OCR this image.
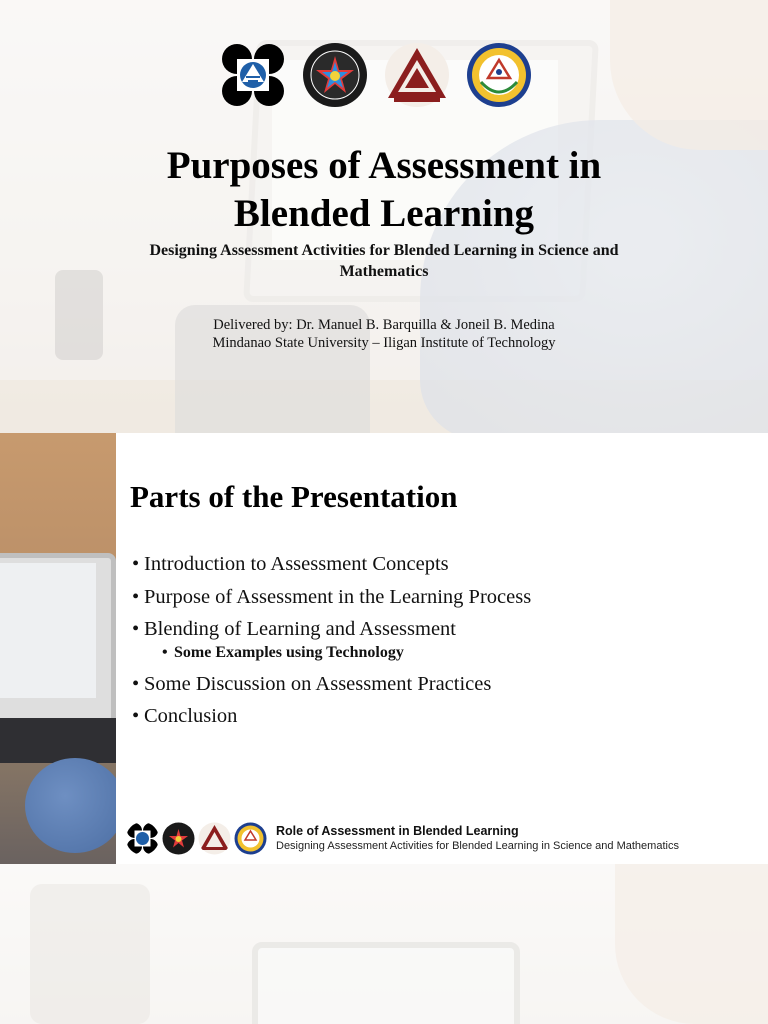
Purposes of Assessment in
Blended Learning
Designing Assessment Activities for Blended Learning in Science and
Mathematics
Delivered by: Dr. Manuel B. Barquilla & Joneil B. Medina
Mindanao State University – Iligan Institute of Technology
Parts of the Presentation
• Introduction to Assessment Concepts
• Purpose of Assessment in the Learning Process
• Blending of Learning and Assessment
• Some Examples using Technology
• Some Discussion on Assessment Practices
• Conclusion
Role of Assessment in Blended Learning
Designing Assessment Activities for Blended Learning in Science and Mathematics
